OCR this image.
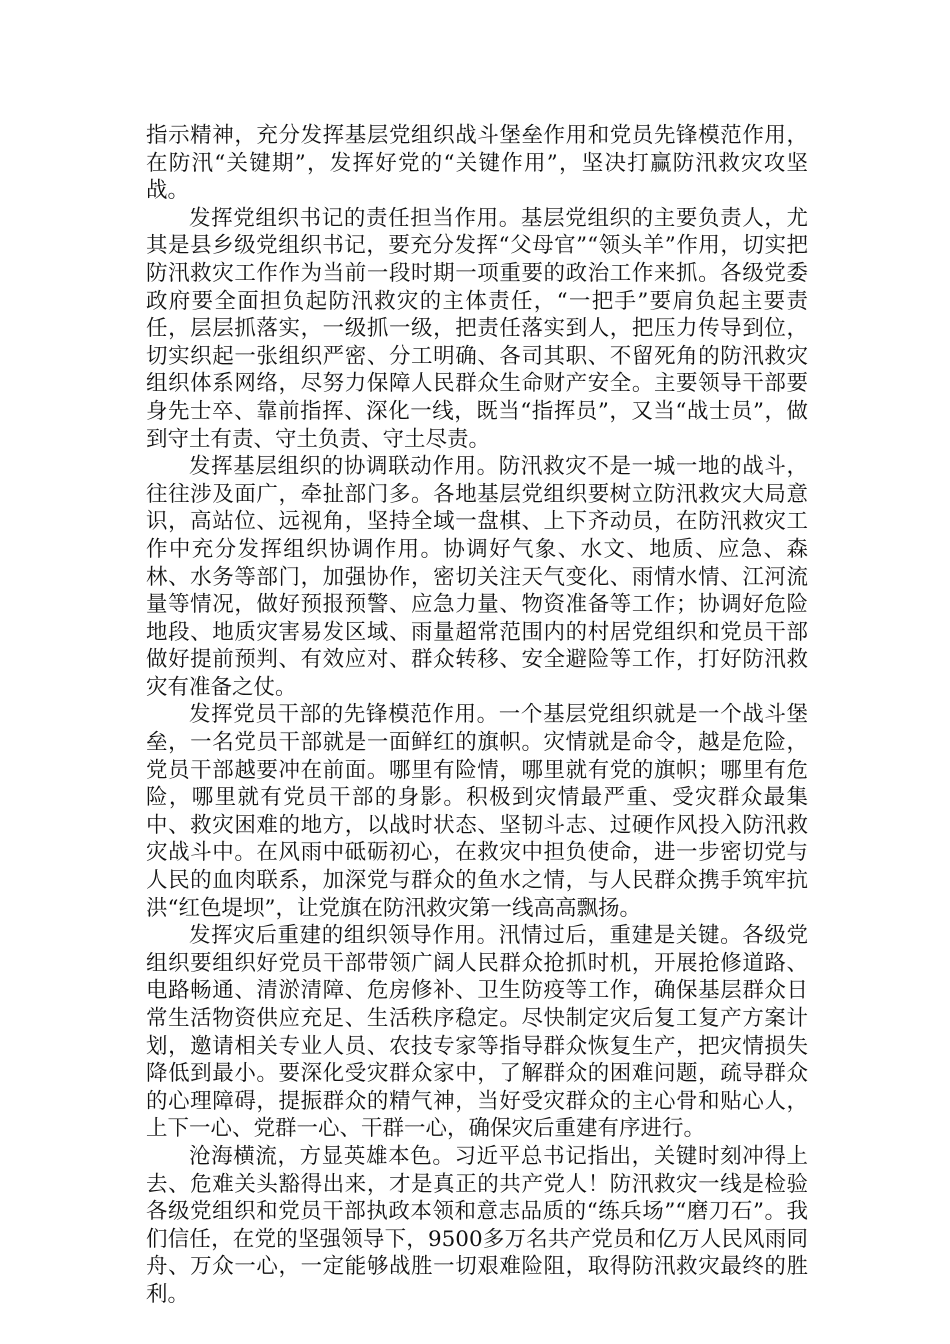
指示精神，充分发挥基层党组织战斗堡垒作用和党员先锋模范作用，在防汛“关键期”，发挥好党的“关键作用”，坚决打赢防汛救灾攻坚战。

发挥党组织书记的责任担当作用。基层党组织的主要负责人，尤其是县乡级党组织书记，要充分发挥“父母官”“领头羊”作用，切实把防汛救灾工作作为当前一段时期一项重要的政治工作来抓。各级党委政府要全面担负起防汛救灾的主体责任，“一把手”要肩负起主要责任，层层抓落实，一级抓一级，把责任落实到人，把压力传导到位，切实织起一张组织严密、分工明确、各司其职、不留死角的防汛救灾组织体系网络，尽努力保障人民群众生命财产安全。主要领导干部要身先士卒、靠前指挥、深化一线，既当“指挥员”，又当“战士员”，做到守土有责、守土负责、守土尽责。

发挥基层组织的协调联动作用。防汛救灾不是一城一地的战斗，往往涉及面广，牵扯部门多。各地基层党组织要树立防汛救灾大局意识，高站位、远视角，坚持全域一盘棋、上下齐动员，在防汛救灾工作中充分发挥组织协调作用。协调好气象、水文、地质、应急、森林、水务等部门，加强协作，密切关注天气变化、雨情水情、江河流量等情况，做好预报预警、应急力量、物资准备等工作；协调好危险地段、地质灾害易发区域、雨量超常范围内的村居党组织和党员干部做好提前预判、有效应对、群众转移、安全避险等工作，打好防汛救灾有准备之仗。

发挥党员干部的先锋模范作用。一个基层党组织就是一个战斗堡垒，一名党员干部就是一面鲜红的旗帜。灾情就是命令，越是危险，党员干部越要冲在前面。哪里有险情，哪里就有党的旗帜；哪里有危险，哪里就有党员干部的身影。积极到灾情最严重、受灾群众最集中、救灾困难的地方，以战时状态、坚韧斗志、过硬作风投入防汛救灾战斗中。在风雨中砥砺初心，在救灾中担负使命，进一步密切党与人民的血肉联系，加深党与群众的鱼水之情，与人民群众携手筑牢抗洪“红色堤坝”，让党旗在防汛救灾第一线高高飘扬。

发挥灾后重建的组织领导作用。汛情过后，重建是关键。各级党组织要组织好党员干部带领广阔人民群众抢抓时机，开展抢修道路、电路畅通、清淤清障、危房修补、卫生防疫等工作，确保基层群众日常生活物资供应充足、生活秩序稳定。尽快制定灾后复工复产方案计划，邀请相关专业人员、农技专家等指导群众恢复生产，把灾情损失降低到最小。要深化受灾群众家中，了解群众的困难问题，疏导群众的心理障碍，提振群众的精气神，当好受灾群众的主心骨和贴心人，上下一心、党群一心、干群一心，确保灾后重建有序进行。

沧海横流，方显英雄本色。习近平总书记指出，关键时刻冲得上去、危难关头豁得出来，才是真正的共产党人！防汛救灾一线是检验各级党组织和党员干部执政本领和意志品质的“练兵场”“磨刀石”。我们信任，在党的坚强领导下，9500多万名共产党员和亿万人民风雨同舟、万众一心，一定能够战胜一切艰难险阻，取得防汛救灾最终的胜利。
